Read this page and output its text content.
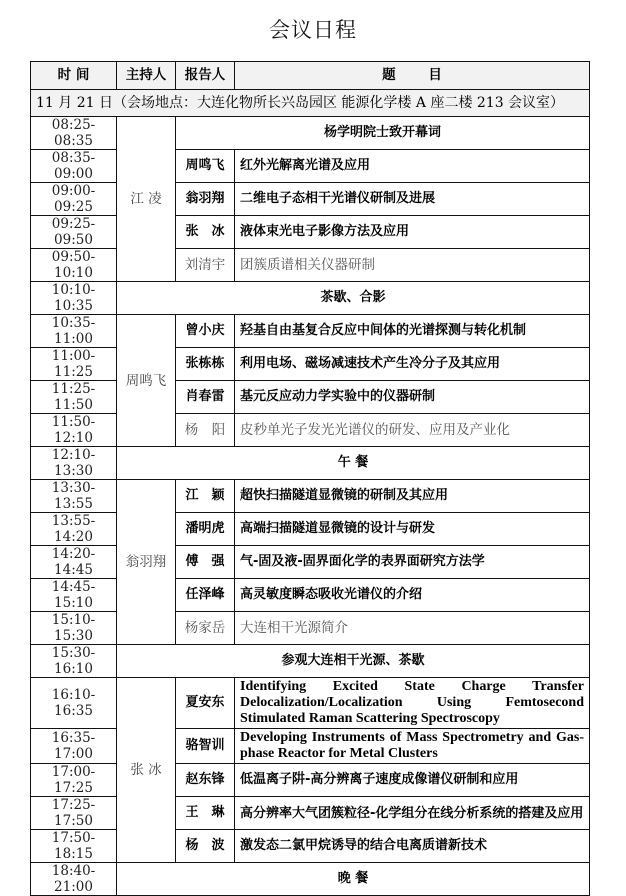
会议日程
时 间	主持人	报告人	题 目
11 月 21 日（会场地点：大连化物所长兴岛园区 能源化学楼 A 座二楼 213 会议室）			
08:25-08:35	江 凌	杨学明院士致开幕词	
08:35-09:00		周鸣飞	红外光解离光谱及应用
09:00-09:25		翁羽翔	二维电子态相干光谱仪研制及进展
09:25-09:50		张　冰	液体束光电子影像方法及应用
09:50-10:10		刘清宇	团簇质谱相关仪器研制
10:10-10:35	茶歇、合影		
10:35-11:00	周鸣飞	曾小庆	羟基自由基复合反应中间体的光谱探测与转化机制
11:00-11:25		张栋栋	利用电场、磁场减速技术产生冷分子及其应用
11:25-11:50		肖春雷	基元反应动力学实验中的仪器研制
11:50-12:10		杨　阳	皮秒单光子发光光谱仪的研发、应用及产业化
12:10-13:30	午 餐		
13:30-13:55	翁羽翔	江　颖	超快扫描隧道显微镜的研制及其应用
13:55-14:20		潘明虎	高端扫描隧道显微镜的设计与研发
14:20-14:45		傅　强	气-固及液-固界面化学的表界面研究方法学
14:45-15:10		任泽峰	高灵敏度瞬态吸收光谱仪的介绍
15:10-15:30		杨家岳	大连相干光源简介
15:30-16:10	参观大连相干光源、茶歇		
16:10-16:35	张 冰	夏安东	Identifying Excited State Charge Transfer Delocalization/Localization Using Femtosecond Stimulated Raman Scattering Spectroscopy
16:35-17:00		骆智训	Developing Instruments of Mass Spectrometry and Gas-phase Reactor for Metal Clusters
17:00-17:25		赵东锋	低温离子阱-高分辨离子速度成像谱仪研制和应用
17:25-17:50		王　琳	高分辨率大气团簇粒径-化学组分在线分析系统的搭建及应用
17:50-18:15		杨　波	激发态二氯甲烷诱导的结合电离质谱新技术
18:40-21:00	晚 餐		
